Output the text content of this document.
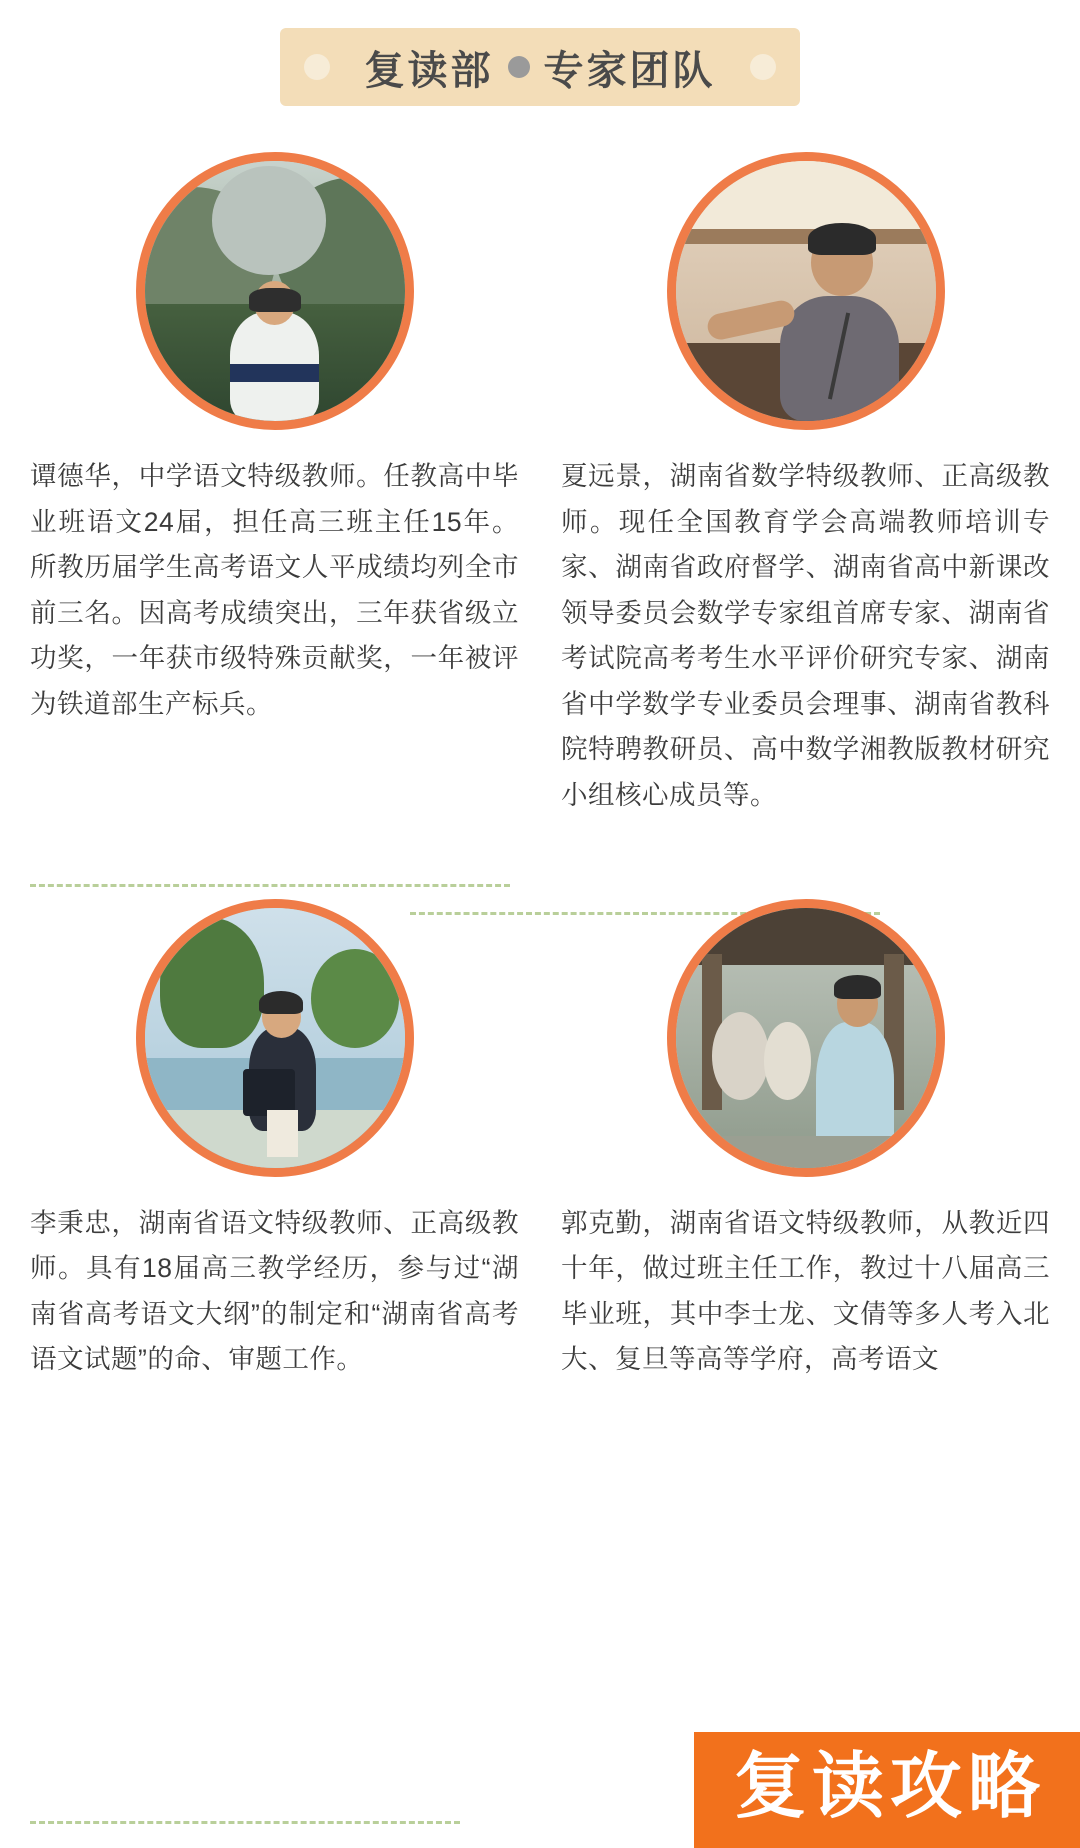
复读部 专家团队
谭德华，中学语文特级教师。任教高中毕业班语文24届，担任高三班主任15年。所教历届学生高考语文人平成绩均列全市前三名。因高考成绩突出，三年获省级立功奖，一年获市级特殊贡献奖，一年被评为铁道部生产标兵。
夏远景，湖南省数学特级教师、正高级教师。现任全国教育学会高端教师培训专家、湖南省政府督学、湖南省高中新课改领导委员会数学专家组首席专家、湖南省考试院高考考生水平评价研究专家、湖南省中学数学专业委员会理事、湖南省教科院特聘教研员、高中数学湘教版教材研究小组核心成员等。
李秉忠，湖南省语文特级教师、正高级教师。具有18届高三教学经历，参与过“湖南省高考语文大纲”的制定和“湖南省高考语文试题”的命、审题工作。
郭克勤，湖南省语文特级教师，从教近四十年，做过班主任工作，教过十八届高三毕业班，其中李士龙、文倩等多人考入北大、复旦等高等学府，高考语文
复读攻略
